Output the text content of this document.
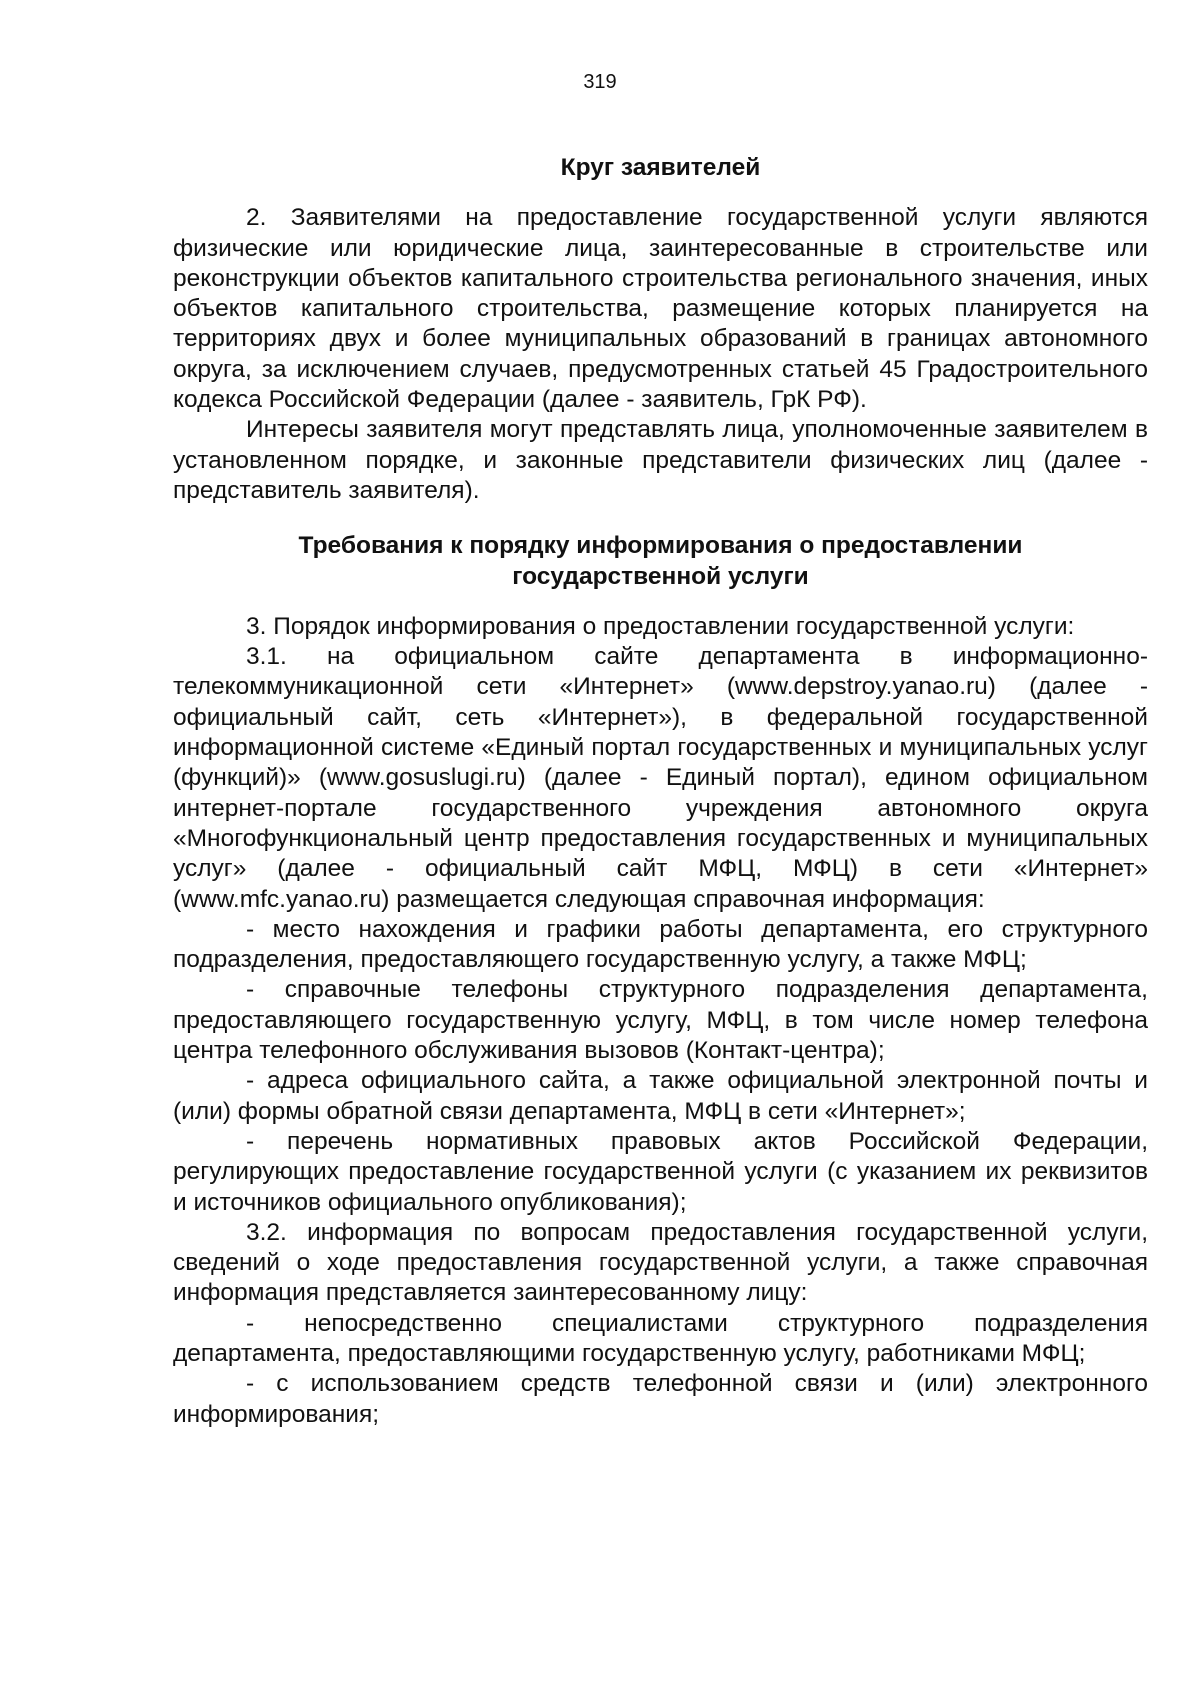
319

Круг заявителей

2. Заявителями на предоставление государственной услуги являются физические или юридические лица, заинтересованные в строительстве или реконструкции объектов капитального строительства регионального значения, иных объектов капитального строительства, размещение которых планируется на территориях двух и более муниципальных образований в границах автономного округа, за исключением случаев, предусмотренных статьей 45 Градостроительного кодекса Российской Федерации (далее - заявитель, ГрК РФ).

Интересы заявителя могут представлять лица, уполномоченные заявителем в установленном порядке, и законные представители физических лиц (далее - представитель заявителя).

Требования к порядку информирования о предоставлении
государственной услуги

3. Порядок информирования о предоставлении государственной услуги:

3.1. на официальном сайте департамента в информационно-телекоммуникационной сети «Интернет» (www.depstroy.yanao.ru) (далее - официальный сайт, сеть «Интернет»), в федеральной государственной информационной системе «Единый портал государственных и муниципальных услуг (функций)» (www.gosuslugi.ru) (далее - Единый портал), едином официальном интернет-портале государственного учреждения автономного округа «Многофункциональный центр предоставления государственных и муниципальных услуг» (далее - официальный сайт МФЦ, МФЦ) в сети «Интернет» (www.mfc.yanao.ru) размещается следующая справочная информация:

- место нахождения и графики работы департамента, его структурного подразделения, предоставляющего государственную услугу, а также МФЦ;

- справочные телефоны структурного подразделения департамента, предоставляющего государственную услугу, МФЦ, в том числе номер телефона центра телефонного обслуживания вызовов (Контакт-центра);

- адреса официального сайта, а также официальной электронной почты и (или) формы обратной связи департамента, МФЦ в сети «Интернет»;

- перечень нормативных правовых актов Российской Федерации, регулирующих предоставление государственной услуги (с указанием их реквизитов и источников официального опубликования);

3.2. информация по вопросам предоставления государственной услуги, сведений о ходе предоставления государственной услуги, а также справочная информация представляется заинтересованному лицу:

- непосредственно специалистами структурного подразделения департамента, предоставляющими государственную услугу, работниками МФЦ;

- с использованием средств телефонной связи и (или) электронного информирования;
